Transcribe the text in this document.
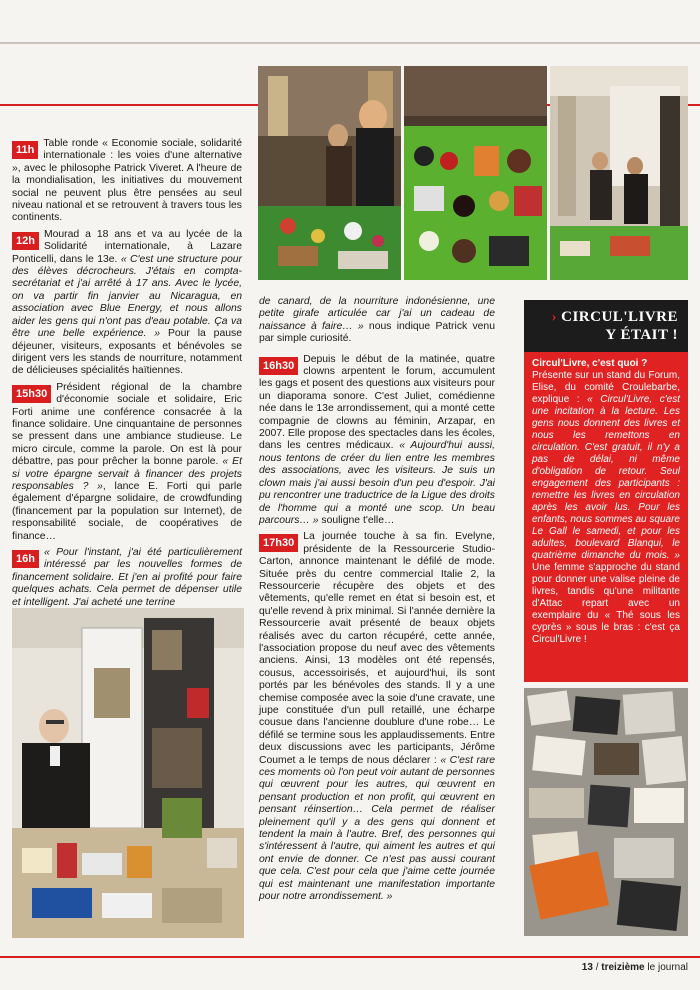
11h
Table ronde « Economie sociale, solidarité internationale : les voies d'une alternative », avec le philosophe Patrick Viveret. A l'heure de la mondialisation, les initiatives du mouvement social ne peuvent plus être pensées au seul niveau national et se retrouvent à travers tous les continents.

12h
Mourad a 18 ans et va au lycée de la Solidarité internationale, à Lazare Ponticelli, dans le 13e. « C'est une structure pour des élèves décrocheurs. J'étais en compta-secrétariat et j'ai arrêté à 17 ans. Avec le lycée, on va partir fin janvier au Nicaragua, en association avec Blue Energy, et nous allons aider les gens qui n'ont pas d'eau potable. Ça va être une belle expérience. » Pour la pause déjeuner, visiteurs, exposants et bénévoles se dirigent vers les stands de nourriture, notamment de délicieuses spécialités haïtiennes.

15h30
Président régional de la chambre d'économie sociale et solidaire, Eric Forti anime une conférence consacrée à la finance solidaire. Une cinquantaine de personnes se pressent dans une ambiance studieuse. Le micro circule, comme la parole. On est là pour débattre, pas pour prêcher la bonne parole. « Et si votre épargne servait à financer des projets responsables ? », lance E. Forti qui parle également d'épargne solidaire, de crowdfunding (financement par la population sur Internet), de responsabilité sociale, de coopératives de finance…

16h
« Pour l'instant, j'ai été particulièrement intéressé par les nouvelles formes de financement solidaire. Et j'en ai profité pour faire quelques achats. Cela permet de dépenser utile et intelligent. J'ai acheté une terrine

de canard, de la nourriture indonésienne, une petite girafe articulée car j'ai un cadeau de naissance à faire… » nous indique Patrick venu par simple curiosité.

16h30
Depuis le début de la matinée, quatre clowns arpentent le forum, accumulent les gags et posent des questions aux visiteurs pour un diaporama sonore. C'est Juliet, comédienne née dans le 13e arrondissement, qui a monté cette compagnie de clowns au féminin, Arzapar, en 2007. Elle propose des spectacles dans les écoles, dans les centres médicaux. « Aujourd'hui aussi, nous tentons de créer du lien entre les membres des associations, avec les visiteurs. Je suis un clown mais j'ai aussi besoin d'un peu d'espoir. J'ai pu rencontrer une traductrice de la Ligue des droits de l'homme qui a monté une scop. Un beau parcours… » souligne t'elle…

17h30
La journée touche à sa fin. Evelyne, présidente de la Ressourcerie Studio-Carton, annonce maintenant le défilé de mode. Située près du centre commercial Italie 2, la Ressourcerie récupère des objets et des vêtements, qu'elle remet en état si besoin est, et qu'elle revend à prix minimal. Si l'année dernière la Ressourcerie avait présenté de beaux objets réalisés avec du carton récupéré, cette année, l'association propose du neuf avec des vêtements anciens. Ainsi, 13 modèles ont été repensés, cousus, accessoirisés, et aujourd'hui, ils sont portés par les bénévoles des stands. Il y a une chemise composée avec la soie d'une cravate, une jupe constituée d'un pull retaillé, une écharpe cousue dans l'ancienne doublure d'une robe… Le défilé se termine sous les applaudissements. Entre deux discussions avec les participants, Jérôme Coumet a le temps de nous déclarer : « C'est rare ces moments où l'on peut voir autant de personnes qui œuvrent pour les autres, qui œuvrent en pensant production et non profit, qui œuvrent en pensant réinsertion… Cela permet de réaliser pleinement qu'il y a des gens qui donnent et tendent la main à l'autre. Bref, des personnes qui s'intéressent à l'autre, qui aiment les autres et qui ont envie de donner. Ce n'est pas aussi courant que cela. C'est pour cela que j'aime cette journée qui est maintenant une manifestation importante pour notre arrondissement. »

› CIRCUL'LIVRE
Y ÉTAIT !
Circul'Livre, c'est quoi ?
Présente sur un stand du Forum, Elise, du comité Croulebarbe, explique : « Circul'Livre, c'est une incitation à la lecture. Les gens nous donnent des livres et nous les remettons en circulation. C'est gratuit, il n'y a pas de délai, ni même d'obligation de retour. Seul engagement des participants : remettre les livres en circulation après les avoir lus. Pour les enfants, nous sommes au square Le Gall le samedi, et pour les adultes, boulevard Blanqui, le quatrième dimanche du mois. » Une femme s'approche du stand pour donner une valise pleine de livres, tandis qu'une militante d'Attac repart avec un exemplaire du « Thé sous les cyprès » sous le bras : c'est ça Circul'Livre !
13 / treizième le journal
